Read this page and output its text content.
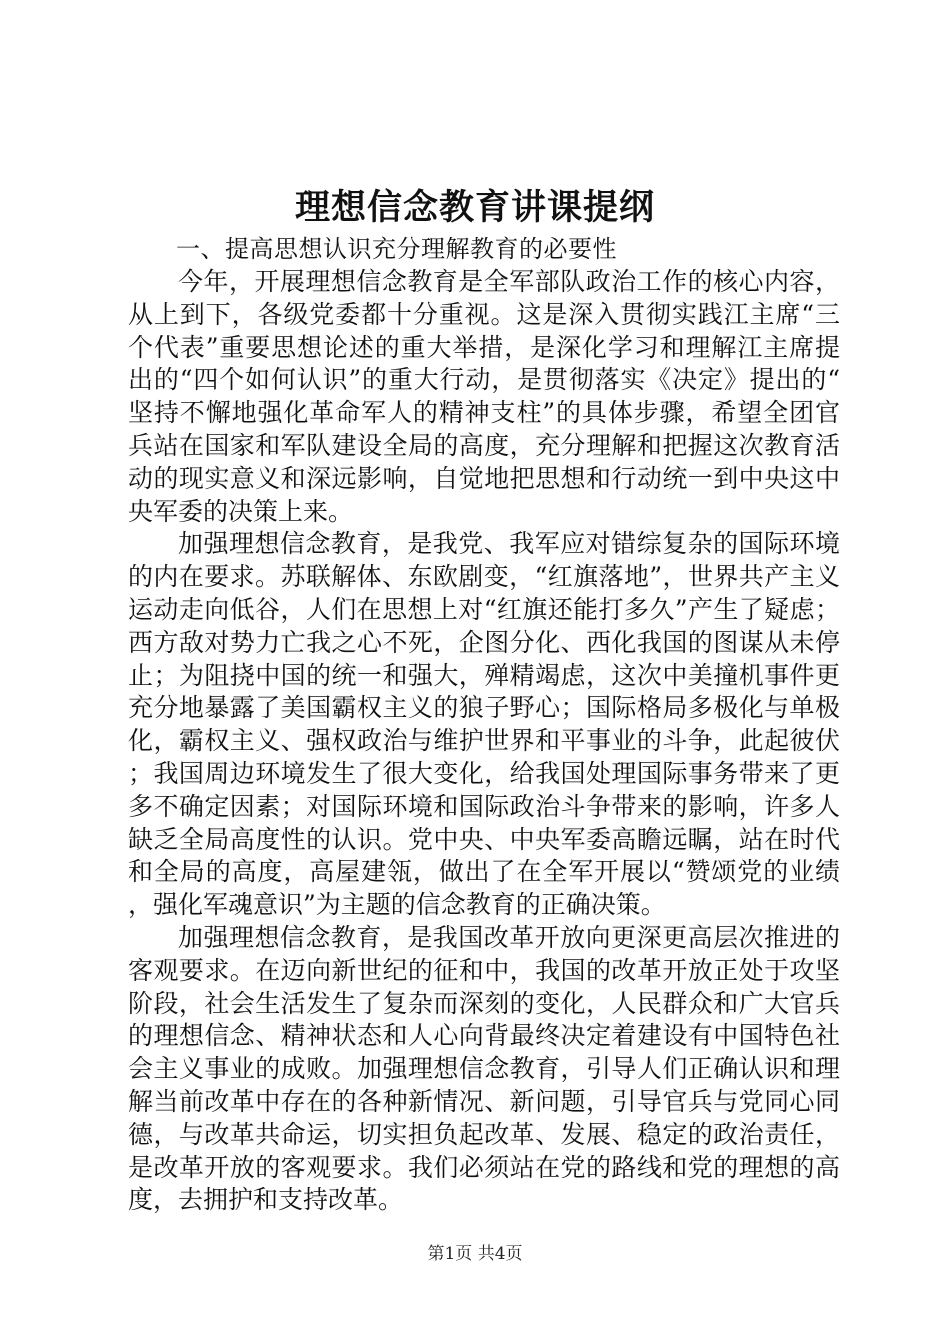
理想信念教育讲课提纲

一、提高思想认识充分理解教育的必要性

今年，开展理想信念教育是全军部队政治工作的核心内容，从上到下，各级党委都十分重视。这是深入贯彻实践江主席“三个代表”重要思想论述的重大举措，是深化学习和理解江主席提出的“四个如何认识”的重大行动，是贯彻落实《决定》提出的“坚持不懈地强化革命军人的精神支柱”的具体步骤，希望全团官兵站在国家和军队建设全局的高度，充分理解和把握这次教育活动的现实意义和深远影响，自觉地把思想和行动统一到中央这中央军委的决策上来。

加强理想信念教育，是我党、我军应对错综复杂的国际环境的内在要求。苏联解体、东欧剧变，“红旗落地”，世界共产主义运动走向低谷，人们在思想上对“红旗还能打多久”产生了疑虑；西方敌对势力亡我之心不死，企图分化、西化我国的图谋从未停止；为阻挠中国的统一和强大，殚精竭虑，这次中美撞机事件更充分地暴露了美国霸权主义的狼子野心；国际格局多极化与单极化，霸权主义、强权政治与维护世界和平事业的斗争，此起彼伏；我国周边环境发生了很大变化，给我国处理国际事务带来了更多不确定因素；对国际环境和国际政治斗争带来的影响，许多人缺乏全局高度性的认识。党中央、中央军委高瞻远瞩，站在时代和全局的高度，高屋建瓴，做出了在全军开展以“赞颂党的业绩，强化军魂意识”为主题的信念教育的正确决策。

加强理想信念教育，是我国改革开放向更深更高层次推进的客观要求。在迈向新世纪的征和中，我国的改革开放正处于攻坚阶段，社会生活发生了复杂而深刻的变化，人民群众和广大官兵的理想信念、精神状态和人心向背最终决定着建设有中国特色社会主义事业的成败。加强理想信念教育，引导人们正确认识和理解当前改革中存在的各种新情况、新问题，引导官兵与党同心同德，与改革共命运，切实担负起改革、发展、稳定的政治责任，是改革开放的客观要求。我们必须站在党的路线和党的理想的高度，去拥护和支持改革。

第1页 共4页
